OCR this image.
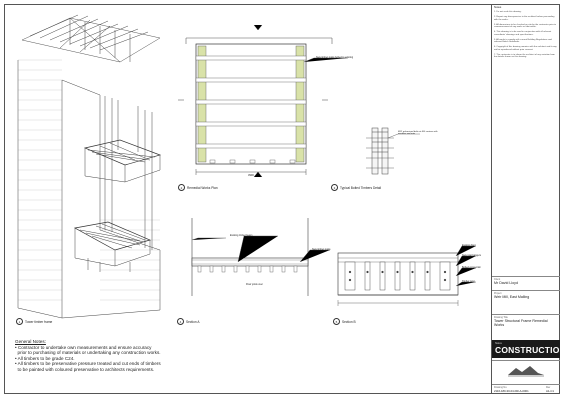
1	Tower timber frame
2	Remedial Works Plan
3900
New timber posts bolted to existing
3	Typical Bolted Timbers Detail
M12 galvanised bolts at 400 centres with washers and nuts
4	Section A
Existing timber beam
Floor joists over
New timber posts
5	Section B
Existing floor
New joist hangers
Bolted connection
Timber post
General Notes:
• Contractor to undertake own measurements and ensure accuracy
prior to purchasing of materials or undertaking any construction works.
• All timbers to be grade C24.
• All timbers to be preservative pressure treated and cut ends of timbers
to be painted with coloured preservative to architects requirements.

Notes

1. Do not scale this drawing.

2. Report any discrepancies to the architect before proceeding with the works.

3. All dimensions to be checked on site by the contractor prior to commencement of any works or fabrication.

4. This drawing is to be read in conjunction with all relevant consultants' drawings and specifications.

5. All works to comply with current Building Regulations and relevant British Standards.

6. Copyright of this drawing remains with the architect and it may not be reproduced without prior consent.

7. The contractor is to inform the architect of any variation from the details shown on this drawing.

Client
Mr David Lloyd
Project
Weir Mill, East Malling
Drawing Title
Tower Structural Frame Remedial Works
Status
CONSTRUCTION
Drawing No.
2116-180-30-04-DR-A-0001
Rev
A1-C1
